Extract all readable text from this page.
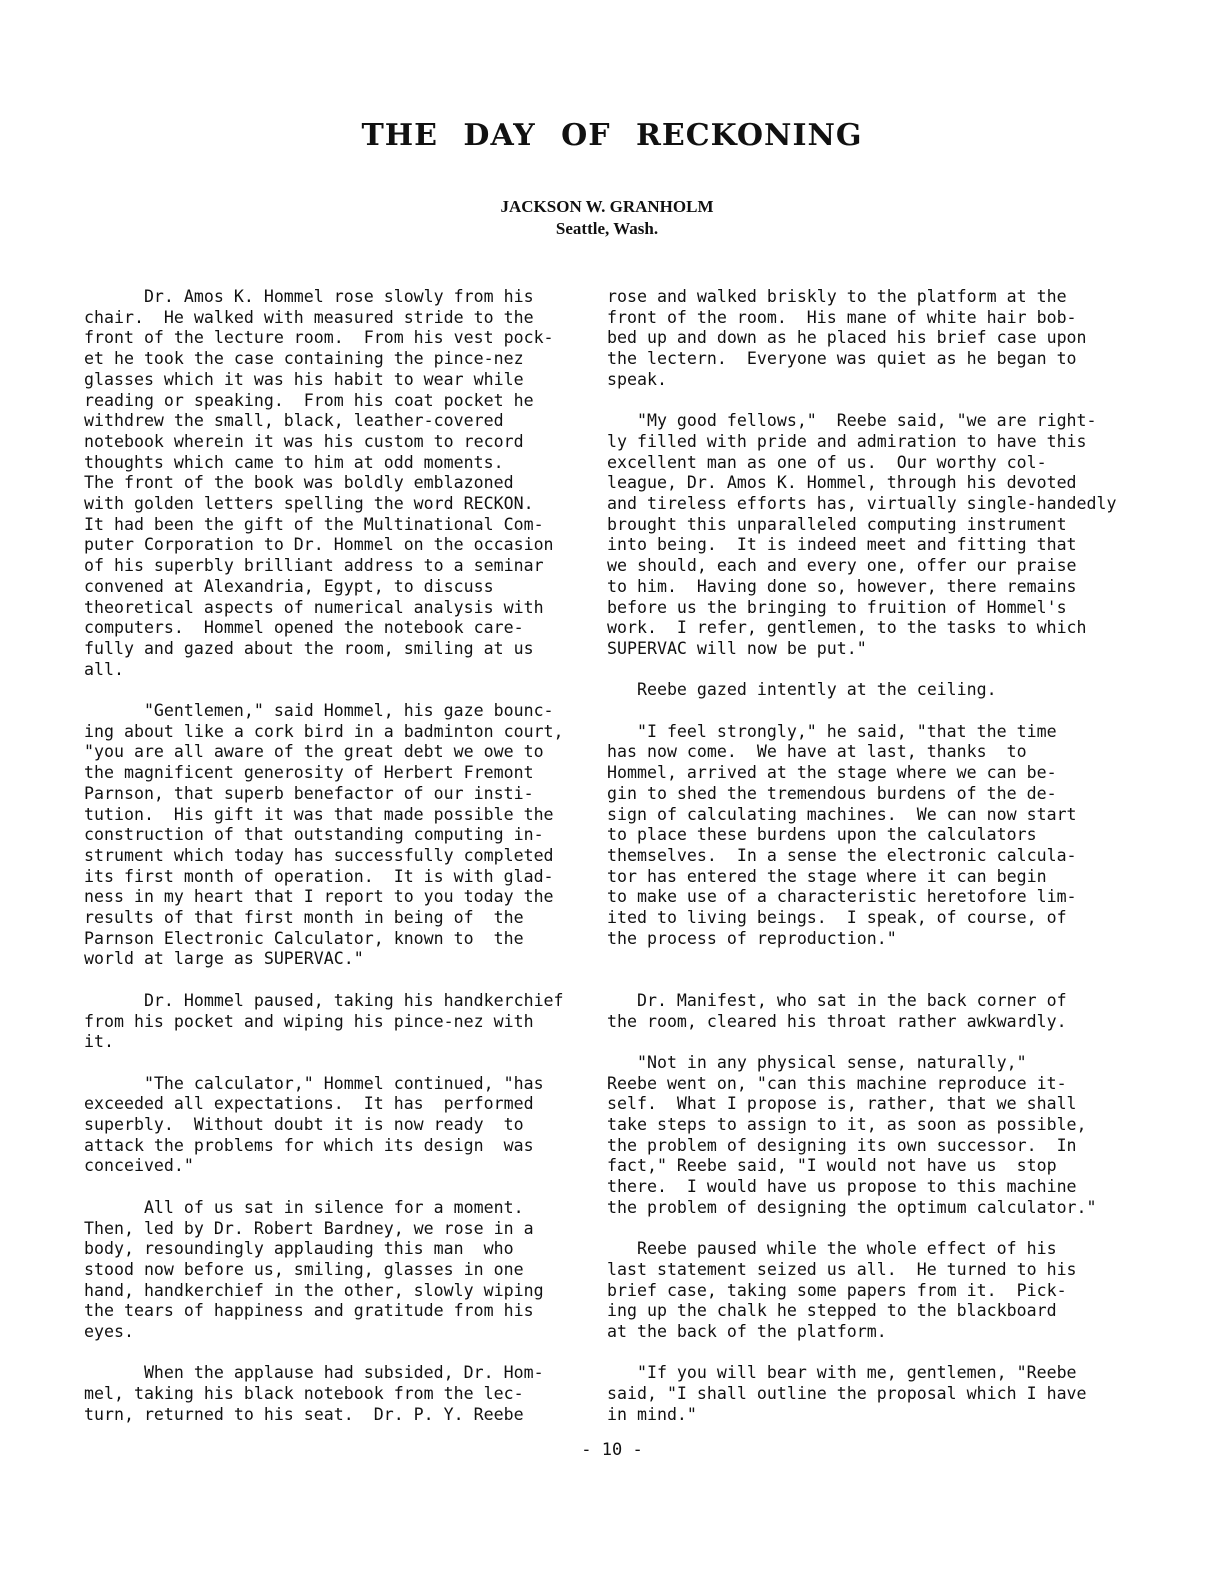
THE DAY OF RECKONING
JACKSON W. GRANHOLM
Seattle, Wash.

Dr. Amos K. Hommel rose slowly from his
chair.  He walked with measured stride to the
front of the lecture room.  From his vest pock-
et he took the case containing the pince-nez
glasses which it was his habit to wear while
reading or speaking.  From his coat pocket he
withdrew the small, black, leather-covered
notebook wherein it was his custom to record
thoughts which came to him at odd moments.
The front of the book was boldly emblazoned
with golden letters spelling the word RECKON.
It had been the gift of the Multinational Com-
puter Corporation to Dr. Hommel on the occasion
of his superbly brilliant address to a seminar
convened at Alexandria, Egypt, to discuss
theoretical aspects of numerical analysis with
computers.  Hommel opened the notebook care-
fully and gazed about the room, smiling at us
all.

"Gentlemen," said Hommel, his gaze bounc-
ing about like a cork bird in a badminton court,
"you are all aware of the great debt we owe to
the magnificent generosity of Herbert Fremont
Parnson, that superb benefactor of our insti-
tution.  His gift it was that made possible the
construction of that outstanding computing in-
strument which today has successfully completed
its first month of operation.  It is with glad-
ness in my heart that I report to you today the
results of that first month in being of  the
Parnson Electronic Calculator, known to  the
world at large as SUPERVAC."

Dr. Hommel paused, taking his handkerchief
from his pocket and wiping his pince-nez with
it.

"The calculator," Hommel continued, "has
exceeded all expectations.  It has  performed
superbly.  Without doubt it is now ready  to
attack the problems for which its design  was
conceived."

All of us sat in silence for a moment.
Then, led by Dr. Robert Bardney, we rose in a
body, resoundingly applauding this man  who
stood now before us, smiling, glasses in one
hand, handkerchief in the other, slowly wiping
the tears of happiness and gratitude from his
eyes.

When the applause had subsided, Dr. Hom-
mel, taking his black notebook from the lec-
turn, returned to his seat.  Dr. P. Y. Reebe

rose and walked briskly to the platform at the
front of the room.  His mane of white hair bob-
bed up and down as he placed his brief case upon
the lectern.  Everyone was quiet as he began to
speak.

"My good fellows,"  Reebe said, "we are right-
ly filled with pride and admiration to have this
excellent man as one of us.  Our worthy col-
league, Dr. Amos K. Hommel, through his devoted
and tireless efforts has, virtually single-handedly
brought this unparalleled computing instrument
into being.  It is indeed meet and fitting that
we should, each and every one, offer our praise
to him.  Having done so, however, there remains
before us the bringing to fruition of Hommel's
work.  I refer, gentlemen, to the tasks to which
SUPERVAC will now be put."

Reebe gazed intently at the ceiling.

"I feel strongly," he said, "that the time
has now come.  We have at last, thanks  to
Hommel, arrived at the stage where we can be-
gin to shed the tremendous burdens of the de-
sign of calculating machines.  We can now start
to place these burdens upon the calculators
themselves.  In a sense the electronic calcula-
tor has entered the stage where it can begin
to make use of a characteristic heretofore lim-
ited to living beings.  I speak, of course, of
the process of reproduction."

Dr. Manifest, who sat in the back corner of
the room, cleared his throat rather awkwardly.

"Not in any physical sense, naturally,"
Reebe went on, "can this machine reproduce it-
self.  What I propose is, rather, that we shall
take steps to assign to it, as soon as possible,
the problem of designing its own successor.  In
fact," Reebe said, "I would not have us  stop
there.  I would have us propose to this machine
the problem of designing the optimum calculator."

Reebe paused while the whole effect of his
last statement seized us all.  He turned to his
brief case, taking some papers from it.  Pick-
ing up the chalk he stepped to the blackboard
at the back of the platform.

"If you will bear with me, gentlemen, "Reebe
said, "I shall outline the proposal which I have
in mind."

- 10 -
